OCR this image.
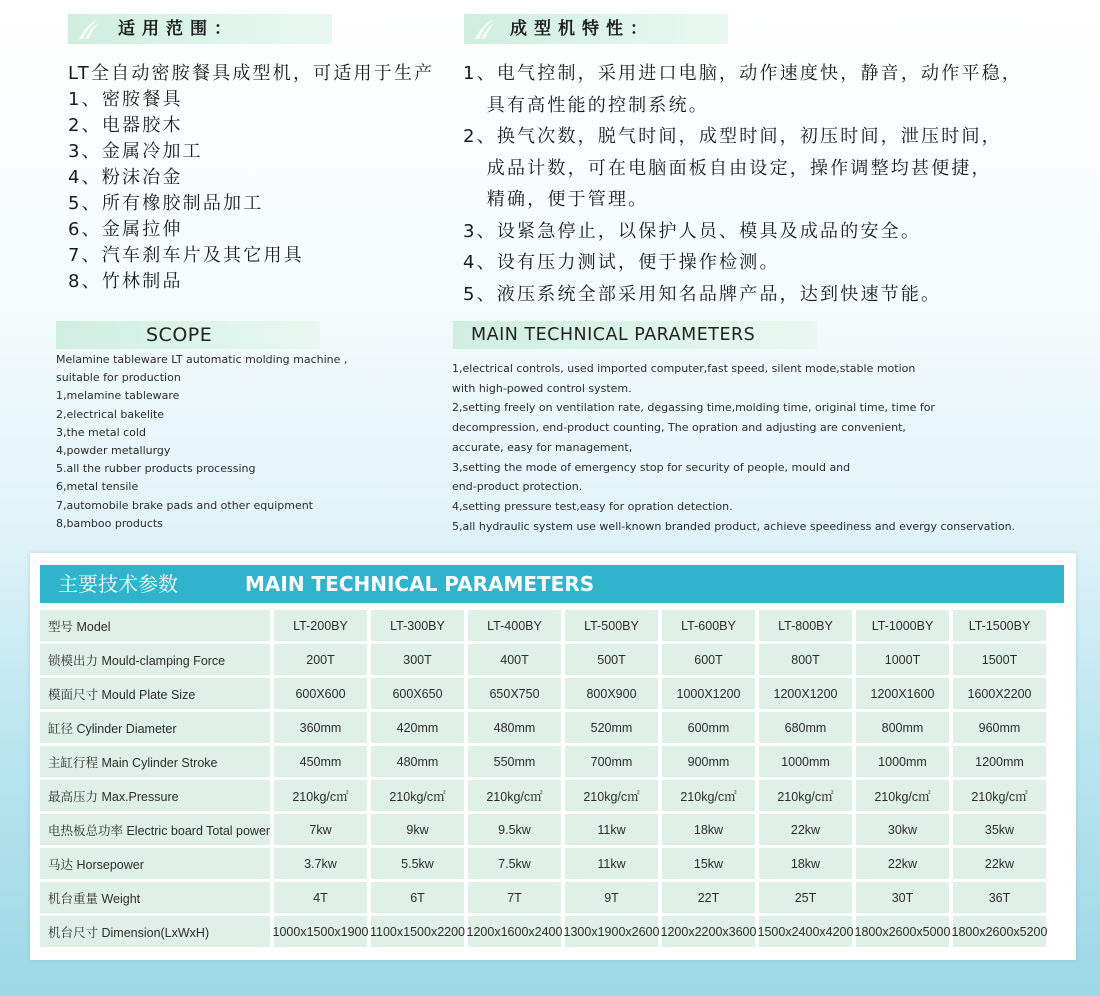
适用范围：	成型机特性：
LT全自动密胺餐具成型机，可适用于生产
1、密胺餐具
2、电器胶木
3、金属冷加工
4、粉沫冶金
5、所有橡胶制品加工
6、金属拉伸
7、汽车刹车片及其它用具
8、竹林制品
1、电气控制，采用进口电脑，动作速度快，静音，动作平稳，
具有高性能的控制系统。
2、换气次数，脱气时间，成型时间，初压时间，泄压时间，
成品计数，可在电脑面板自由设定，操作调整均甚便捷，
精确，便于管理。
3、设紧急停止，以保护人员、模具及成品的安全。
4、设有压力测试，便于操作检测。
5、液压系统全部采用知名品牌产品，达到快速节能。
SCOPE	MAIN TECHNICAL PARAMETERS
Melamine tableware LT automatic molding machine ,
suitable for production
1,melamine tableware
2,electrical bakelite
3,the metal cold
4,powder metallurgy
5.all the rubber products processing
6,metal tensile
7,automobile brake pads and other equipment
8,bamboo products
1,electrical controls, used imported computer,fast speed, silent mode,stable motion
with high-powed control system.
2,setting freely on ventilation rate, degassing time,molding time, original time, time for
decompression, end-product counting, The opration and adjusting are convenient,
accurate, easy for management,
3,setting the mode of emergency stop for security of people, mould and
end-product protection.
4,setting pressure test,easy for opration detection.
5,all hydraulic system use well-known branded product, achieve speediness and evergy conservation.
主要技术参数	MAIN TECHNICAL PARAMETERS
型号 Model	LT-200BY	LT-300BY	LT-400BY	LT-500BY	LT-600BY	LT-800BY	LT-1000BY	LT-1500BY
锁模出力 Mould-clamping Force	200T	300T	400T	500T	600T	800T	1000T	1500T
模面尺寸 Mould Plate Size	600X600	600X650	650X750	800X900	1000X1200	1200X1200	1200X1600	1600X2200
缸径 Cylinder Diameter	360mm	420mm	480mm	520mm	600mm	680mm	800mm	960mm
主缸行程 Main Cylinder Stroke	450mm	480mm	550mm	700mm	900mm	1000mm	1000mm	1200mm
最高压力 Max.Pressure	210kg/c㎡	210kg/c㎡	210kg/c㎡	210kg/c㎡	210kg/c㎡	210kg/c㎡	210kg/c㎡	210kg/c㎡
电热板总功率 Electric board Total power	7kw	9kw	9.5kw	11kw	18kw	22kw	30kw	35kw
马达 Horsepower	3.7kw	5.5kw	7.5kw	11kw	15kw	18kw	22kw	22kw
机台重量 Weight	4T	6T	7T	9T	22T	25T	30T	36T
机台尺寸 Dimension(LxWxH)	1000x1500x1900 1100x1500x2200 1200x1600x2400 1300x1900x2600 1200x2200x3600 1500x2400x4200 1800x2600x5000 1800x2600x5200
